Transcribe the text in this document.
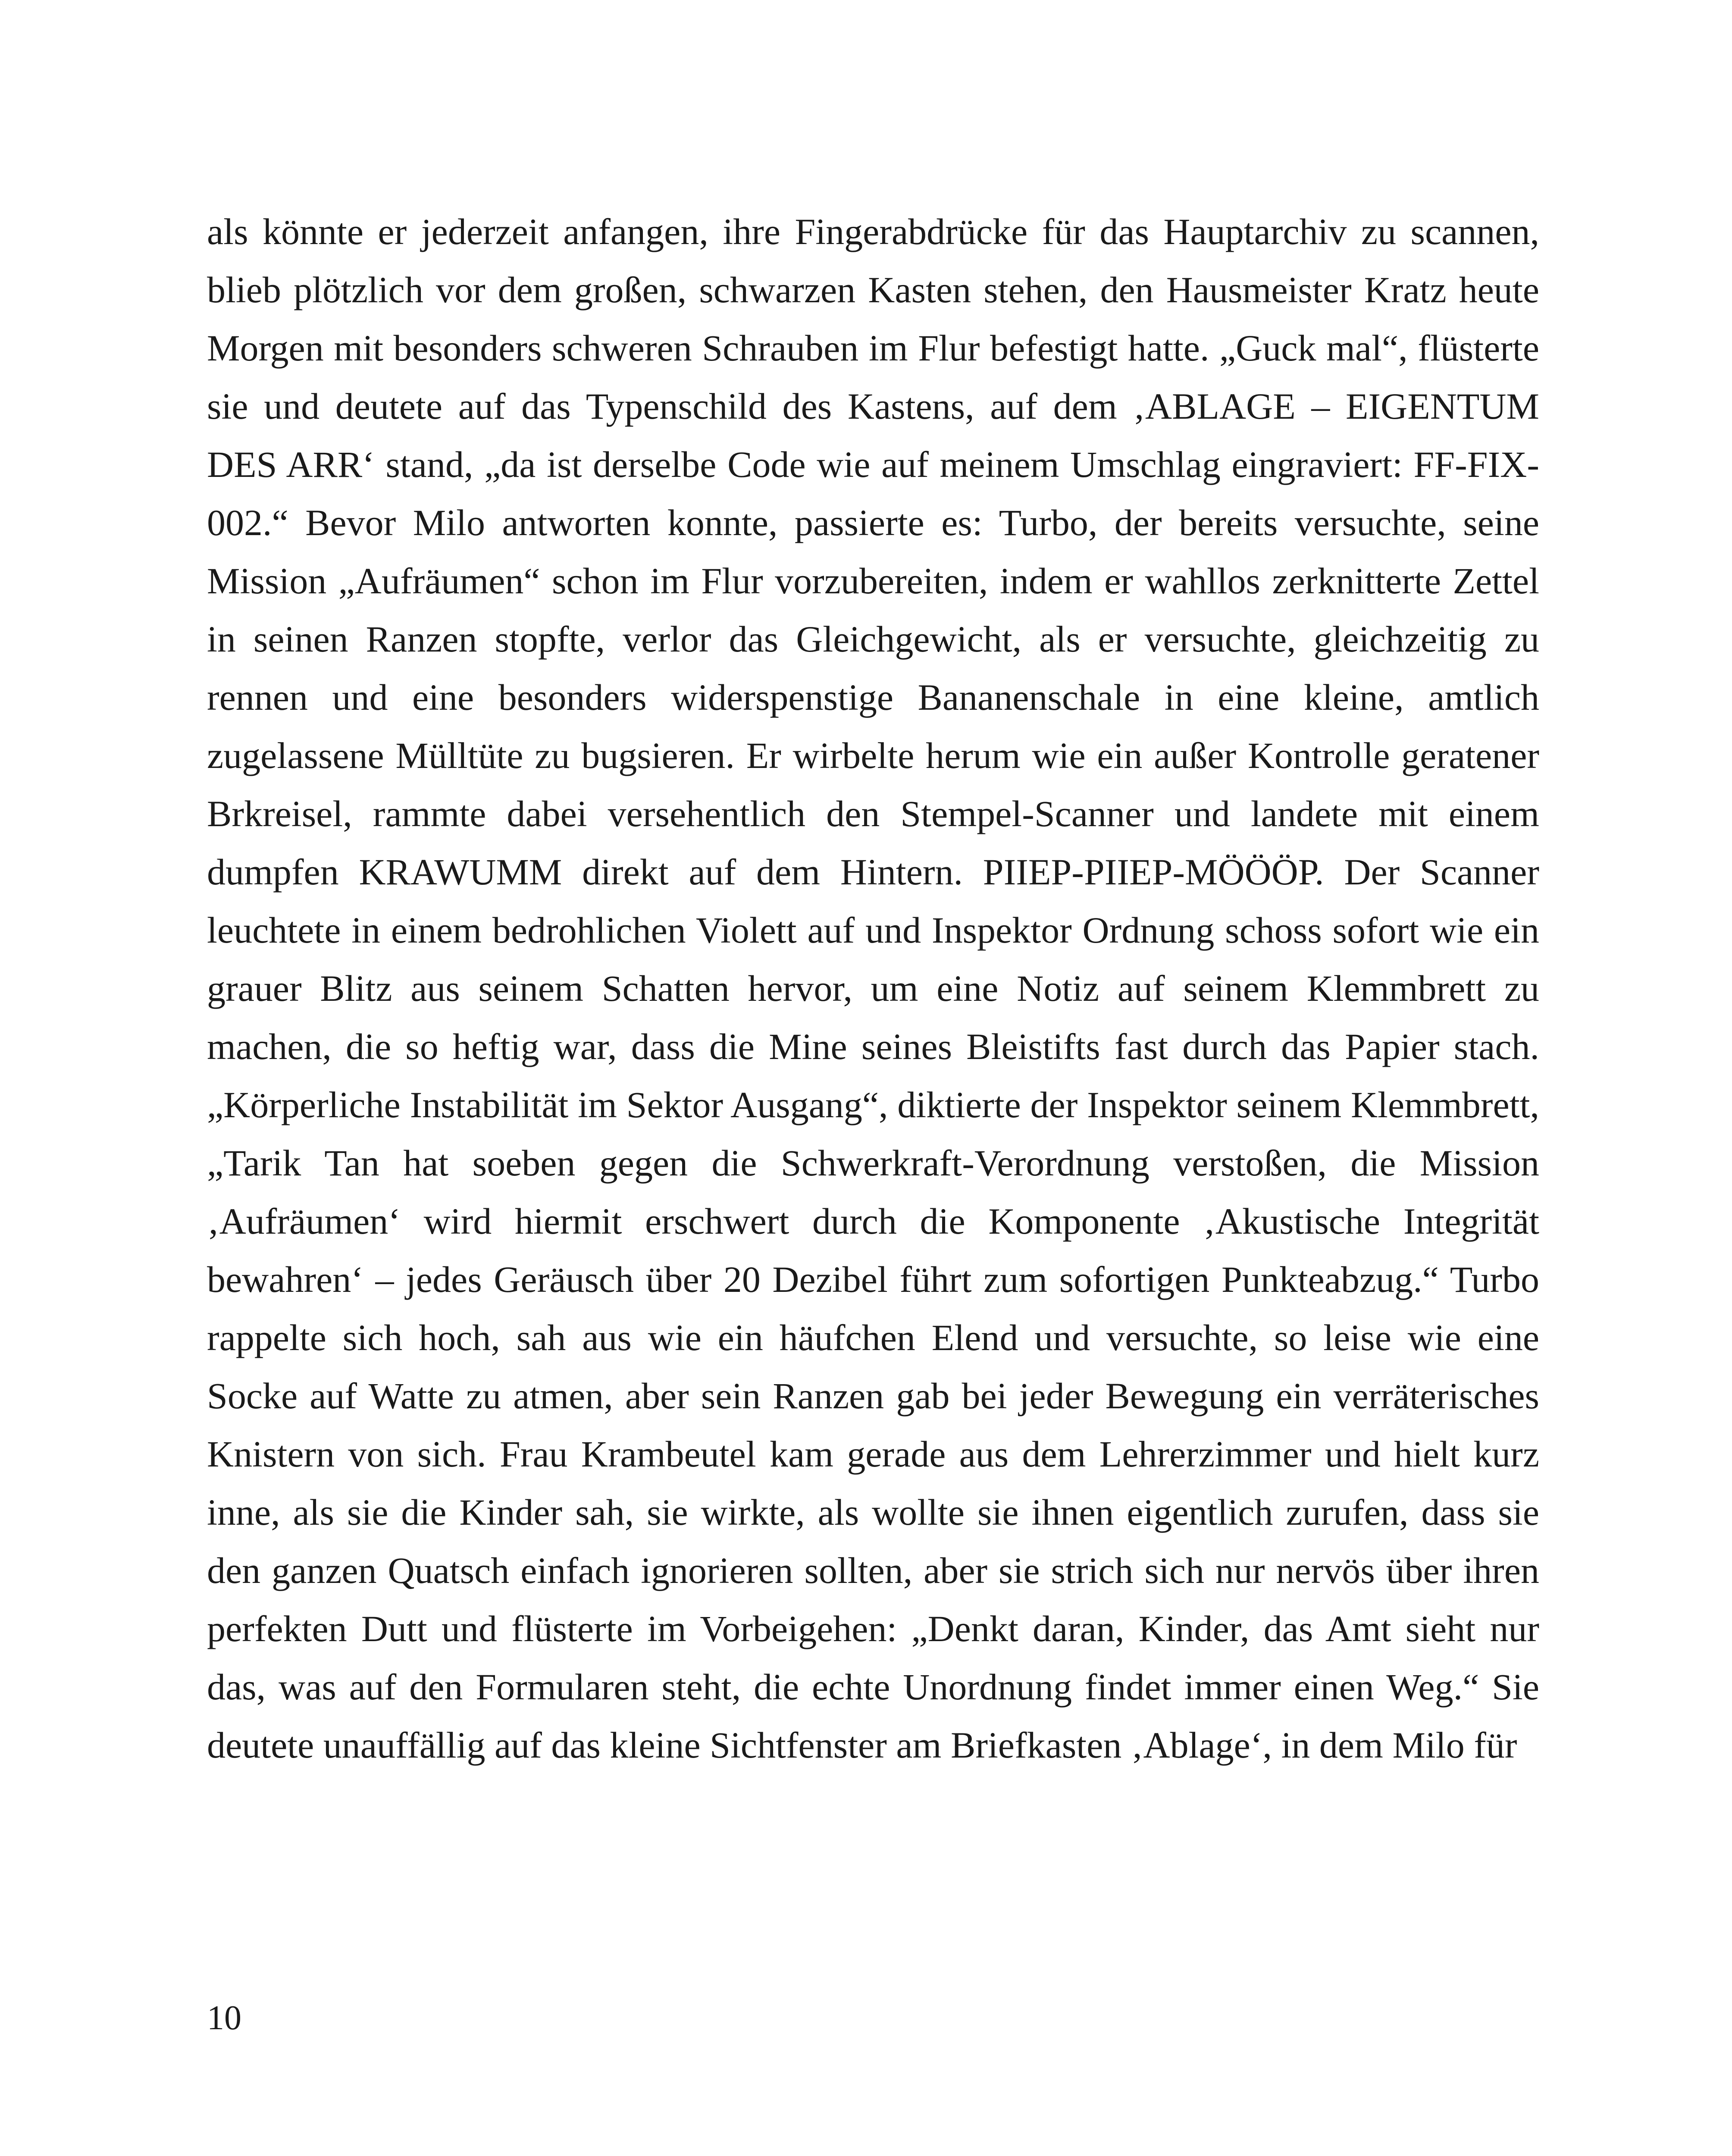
als könnte er jederzeit anfangen, ihre Fingerabdrücke für das Hauptarchiv zu scannen, blieb plötzlich vor dem großen, schwarzen Kasten stehen, den Hausmeister Kratz heute Morgen mit besonders schweren Schrauben im Flur befestigt hatte. „Guck mal“, flüsterte sie und deutete auf das Typenschild des Kastens, auf dem ‚ABLAGE – EIGENTUM DES ARR‘ stand, „da ist derselbe Code wie auf meinem Umschlag eingraviert: FF-FIX-002.“ Bevor Milo antworten konnte, passierte es: Turbo, der bereits versuchte, seine Mission „Aufräumen“ schon im Flur vorzubereiten, indem er wahllos zerknitterte Zettel in seinen Ranzen stopfte, verlor das Gleichgewicht, als er versuchte, gleichzeitig zu rennen und eine besonders widerspenstige Bananenschale in eine kleine, amtlich zugelassene Mülltüte zu bugsieren. Er wirbelte herum wie ein außer Kontrolle geratener Brkreisel, rammte dabei versehentlich den Stempel-Scanner und landete mit einem dumpfen KRAWUMM direkt auf dem Hintern. PIIEP-PIIEP-MÖÖÖP. Der Scanner leuchtete in einem bedrohlichen Violett auf und Inspektor Ordnung schoss sofort wie ein grauer Blitz aus seinem Schatten hervor, um eine Notiz auf seinem Klemmbrett zu machen, die so heftig war, dass die Mine seines Bleistifts fast durch das Papier stach. „Körperliche Instabilität im Sektor Ausgang“, diktierte der Inspektor seinem Klemmbrett, „Tarik Tan hat soeben gegen die Schwerkraft-Verordnung verstoßen, die Mission ‚Aufräumen‘ wird hiermit erschwert durch die Komponente ‚Akustische Integrität bewahren‘ – jedes Geräusch über 20 Dezibel führt zum sofortigen Punkteabzug.“ Turbo rappelte sich hoch, sah aus wie ein häufchen Elend und versuchte, so leise wie eine Socke auf Watte zu atmen, aber sein Ranzen gab bei jeder Bewegung ein verräterisches Knistern von sich. Frau Krambeutel kam gerade aus dem Lehrerzimmer und hielt kurz inne, als sie die Kinder sah, sie wirkte, als wollte sie ihnen eigentlich zurufen, dass sie den ganzen Quatsch einfach ignorieren sollten, aber sie strich sich nur nervös über ihren perfekten Dutt und flüsterte im Vorbeigehen: „Denkt daran, Kinder, das Amt sieht nur das, was auf den Formularen steht, die echte Unordnung findet immer einen Weg.“ Sie deutete unauffällig auf das kleine Sichtfenster am Briefkasten ‚Ablage‘, in dem Milo für

10
